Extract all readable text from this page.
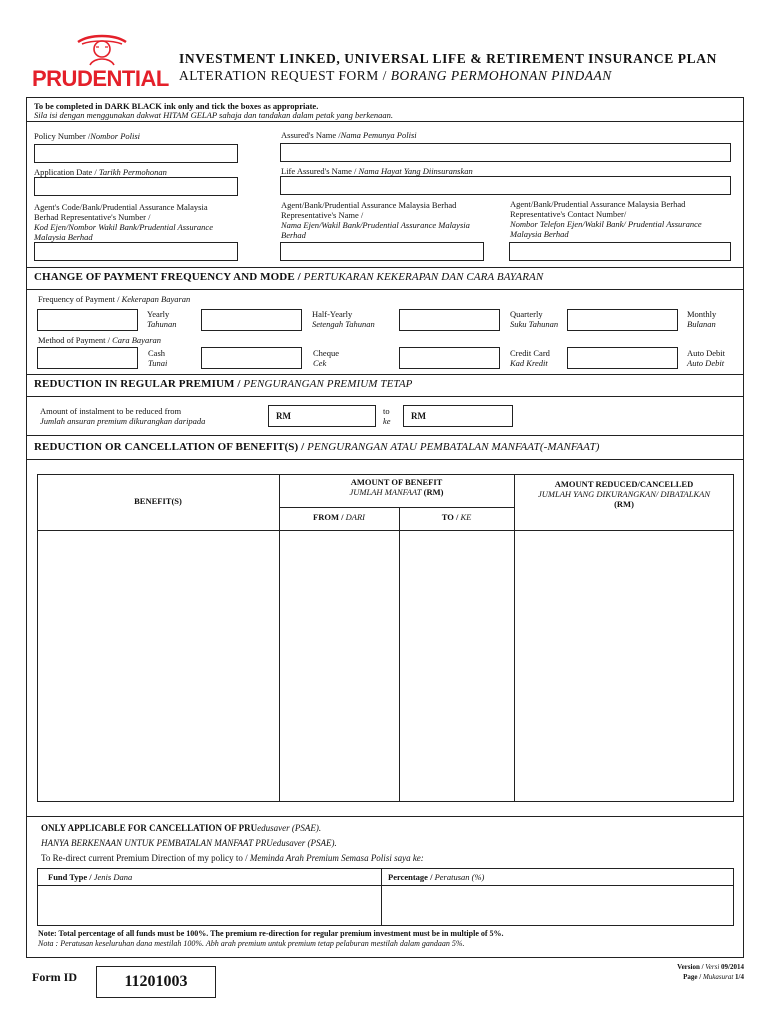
PRUDENTIAL
INVESTMENT LINKED, UNIVERSAL LIFE & RETIREMENT INSURANCE PLAN
ALTERATION REQUEST FORM / BORANG PERMOHONAN PINDAAN
To be completed in DARK BLACK ink only and tick the boxes as appropriate.
Sila isi dengan menggunakan dakwat HITAM GELAP sahaja dan tandakan dalam petak yang berkenaan.
Policy Number /Nombor Polisi	Assured's Name /Nama Pemunya Polisi
Application Date / Tarikh Permohonan	Life Assured's Name / Nama Hayat Yang Diinsuranskan
Agent's Code/Bank/Prudential Assurance Malaysia Berhad Representative's Number /
Kod Ejen/Nombor Wakil Bank/Prudential Assurance Malaysia Berhad
Agent/Bank/Prudential Assurance Malaysia Berhad Representative's Name /
Nama Ejen/Wakil Bank/Prudential Assurance Malaysia Berhad
Agent/Bank/Prudential Assurance Malaysia Berhad Representative's Contact Number/
Nombor Telefon Ejen/Wakil Bank/ Prudential Assurance Malaysia Berhad
CHANGE OF PAYMENT FREQUENCY AND MODE / PERTUKARAN KEKERAPAN DAN CARA BAYARAN
Frequency of Payment / Kekerapan Bayaran
Yearly
Tahunan
Half-Yearly
Setengah Tahunan
Quarterly
Suku Tahunan
Monthly
Bulanan
Method of Payment / Cara Bayaran
Cash
Tunai
Cheque
Cek
Credit Card
Kad Kredit
Auto Debit
Auto Debit
REDUCTION IN REGULAR PREMIUM / PENGURANGAN PREMIUM TETAP
Amount of instalment to be reduced from
Jumlah ansuran premium dikurangkan daripada	RM	to
ke RM
REDUCTION OR CANCELLATION OF BENEFIT(S) / PENGURANGAN ATAU PEMBATALAN MANFAAT(-MANFAAT)
BENEFIT(S)
AMOUNT OF BENEFIT
JUMLAH MANFAAT (RM)
FROM / DARI	TO / KE
AMOUNT REDUCED/CANCELLED
JUMLAH YANG DIKURANGKAN/ DIBATALKAN
(RM)
ONLY APPLICABLE FOR CANCELLATION OF PRUedusaver (PSAE).
HANYA BERKENAAN UNTUK PEMBATALAN MANFAAT PRUedusaver (PSAE).
To Re-direct current Premium Direction of my policy to / Meminda Arah Premium Semasa Polisi saya ke:
Fund Type / Jenis Dana	Percentage / Peratusan (%)
Note: Total percentage of all funds must be 100%. The premium re-direction for regular premium investment must be in multiple of 5%.
Nota : Peratusan keseluruhan dana mestilah 100%. Abh arah premium untuk premium tetap pelaburan mestilah dalam gandaan 5%.
Form ID	11201003
Version / Versi 09/2014
Page / Mukasurat 1/4
